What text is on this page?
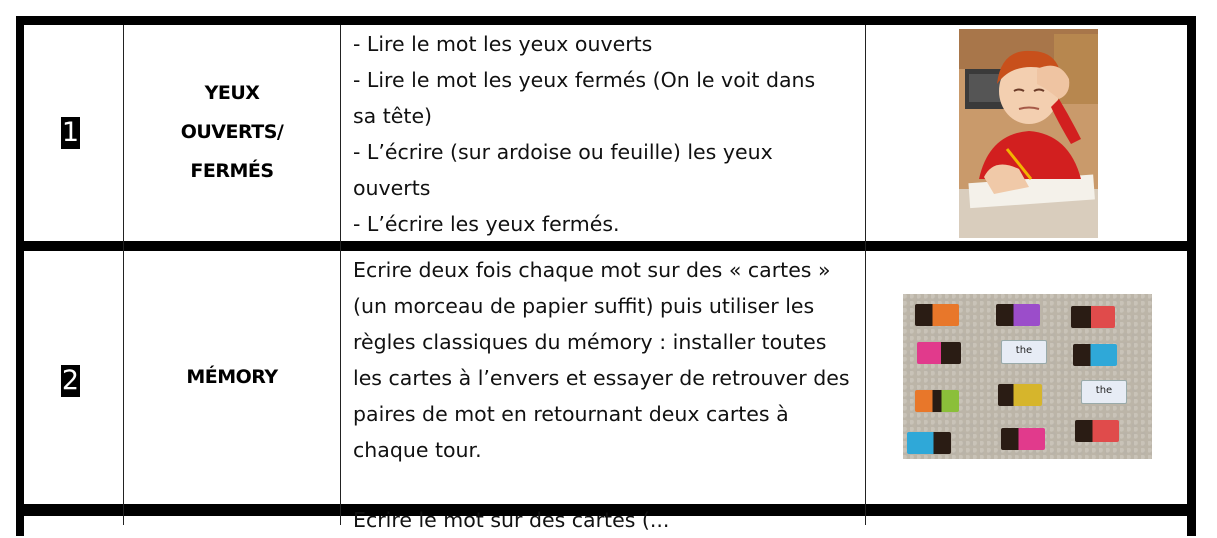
1
YEUX
OUVERTS/
FERMÉS
- Lire le mot les yeux ouverts
- Lire le mot les yeux fermés (On le voit dans
sa tête)
- L’écrire (sur ardoise ou feuille) les yeux
ouverts
- L’écrire les yeux fermés.
2	MÉMORY
Ecrire deux fois chaque mot sur des « cartes »
(un morceau de papier suffit) puis utiliser les
règles classiques du mémory : installer toutes
les cartes à l’envers et essayer de retrouver des
paires de mot en retournant deux cartes à
chaque tour.
the
the
Ecrire le mot sur des cartes (...
